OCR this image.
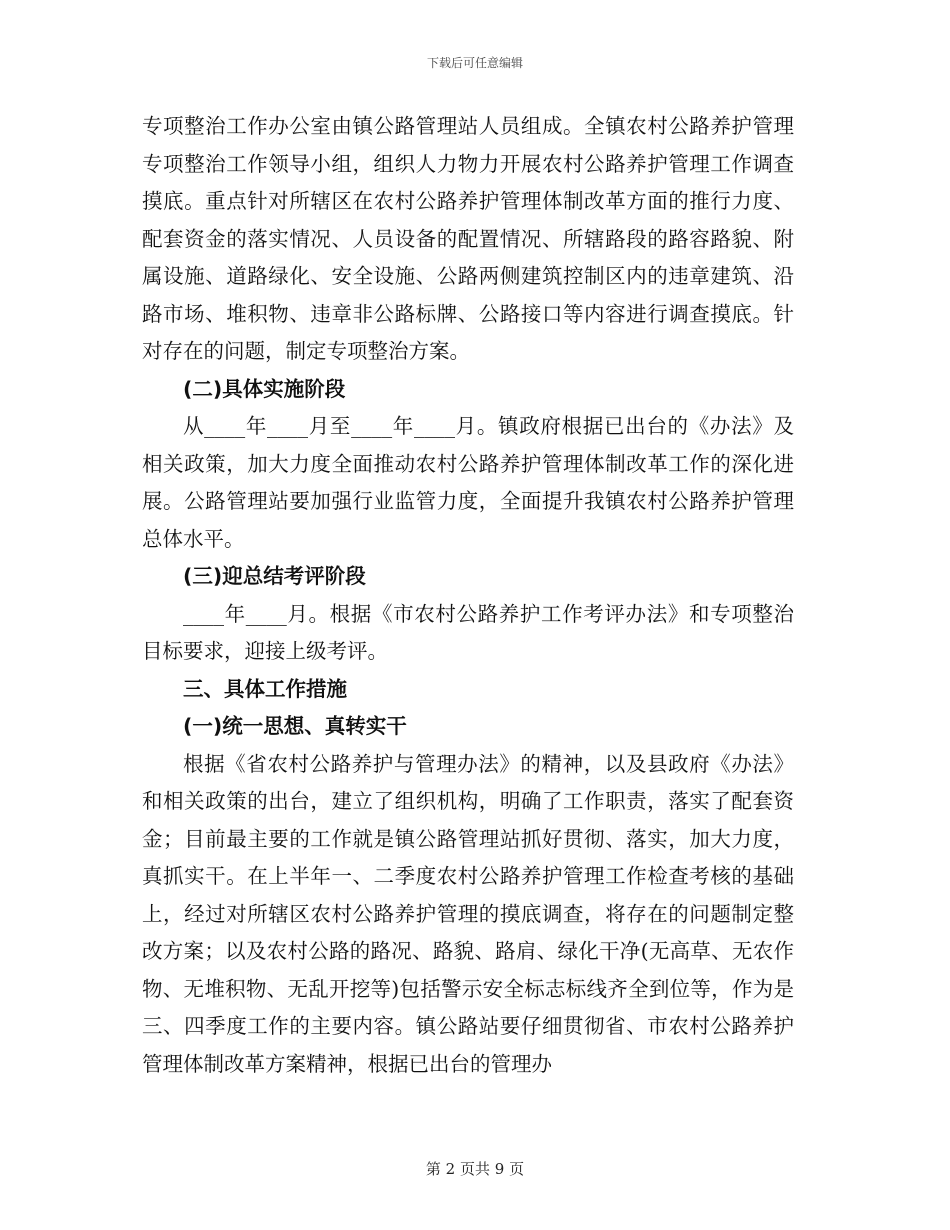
下载后可任意编辑

专项整治工作办公室由镇公路管理站人员组成。全镇农村公路养护管理专项整治工作领导小组，组织人力物力开展农村公路养护管理工作调查摸底。重点针对所辖区在农村公路养护管理体制改革方面的推行力度、配套资金的落实情况、人员设备的配置情况、所辖路段的路容路貌、附属设施、道路绿化、安全设施、公路两侧建筑控制区内的违章建筑、沿路市场、堆积物、违章非公路标牌、公路接口等内容进行调查摸底。针对存在的问题，制定专项整治方案。

(二)具体实施阶段

从____年____月至____年____月。镇政府根据已出台的《办法》及相关政策，加大力度全面推动农村公路养护管理体制改革工作的深化进展。公路管理站要加强行业监管力度，全面提升我镇农村公路养护管理总体水平。

(三)迎总结考评阶段

____年____月。根据《市农村公路养护工作考评办法》和专项整治目标要求，迎接上级考评。

三、具体工作措施

(一)统一思想、真转实干

根据《省农村公路养护与管理办法》的精神，以及县政府《办法》和相关政策的出台，建立了组织机构，明确了工作职责，落实了配套资金；目前最主要的工作就是镇公路管理站抓好贯彻、落实，加大力度，真抓实干。在上半年一、二季度农村公路养护管理工作检查考核的基础上，经过对所辖区农村公路养护管理的摸底调查，将存在的问题制定整改方案；以及农村公路的路况、路貌、路肩、绿化干净(无高草、无农作物、无堆积物、无乱开挖等)包括警示安全标志标线齐全到位等，作为是三、四季度工作的主要内容。镇公路站要仔细贯彻省、市农村公路养护管理体制改革方案精神，根据已出台的管理办

第 2 页共 9 页
